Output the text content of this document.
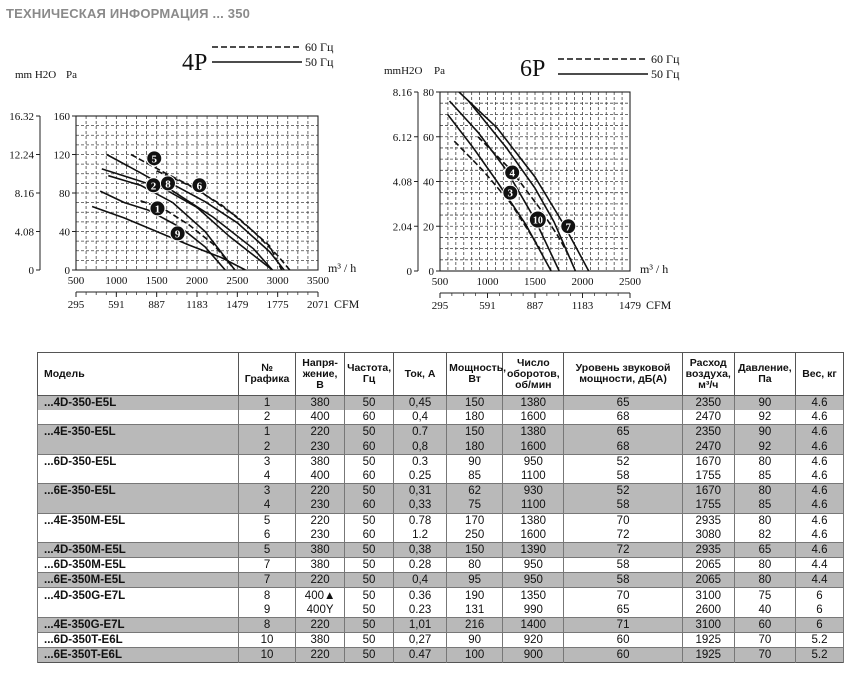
ТЕХНИЧЕСКАЯ ИНФОРМАЦИЯ ... 350
0
0
40
4.08
80
8.16
120
12.24
160
16.32
500 1000 1500 2000 2500 3000 3500
295 591 887 1183 1479 1775 2071
m³ / h
CFM
mm H2O Pa	4P
60 Гц
50 Гц
5
2 8 6
1
9
0
0
20
2.04
40
4.08
60
6.12
80
8.16
500	1000 1500 2000 2500
295	591	887	1183 1479
m³ / h
CFM
mmH2O Pa	6P	60 Гц
50 Гц
4
3
10
7
Модель	№ Графика	Напря-жение, В	Частота, Гц	Ток, А	Мощность, Вт	Число оборотов, об/мин	Уровень звуковой мощности, дБ(A)	Расход воздуха, м³/ч	Давление, Па	Вес, кг
...4D-350-E5L	1	380	50	0,45	150	1380	65	2350	90	4.6
	2	400	60	0,4	180	1600	68	2470	92	4.6
...4E-350-E5L	1	220	50	0.7	150	1380	65	2350	90	4.6
	2	230	60	0,8	180	1600	68	2470	92	4.6
...6D-350-E5L	3	380	50	0.3	90	950	52	1670	80	4.6
	4	400	60	0.25	85	1100	58	1755	85	4.6
...6E-350-E5L	3	220	50	0,31	62	930	52	1670	80	4.6
	4	230	60	0,33	75	1100	58	1755	85	4.6
...4E-350M-E5L	5	220	50	0.78	170	1380	70	2935	80	4.6
	6	230	60	1.2	250	1600	72	3080	82	4.6
...4D-350M-E5L	5	380	50	0,38	150	1390	72	2935	65	4.6
...6D-350M-E5L	7	380	50	0.28	80	950	58	2065	80	4.4
...6E-350M-E5L	7	220	50	0,4	95	950	58	2065	80	4.4
...4D-350G-E7L	8	400▲	50	0.36	190	1350	70	3100	75	6
	9	400Y	50	0.23	131	990	65	2600	40	6
...4E-350G-E7L	8	220	50	1,01	216	1400	71	3100	60	6
...6D-350T-E6L	10	380	50	0,27	90	920	60	1925	70	5.2
...6E-350T-E6L	10	220	50	0.47	100	900	60	1925	70	5.2
